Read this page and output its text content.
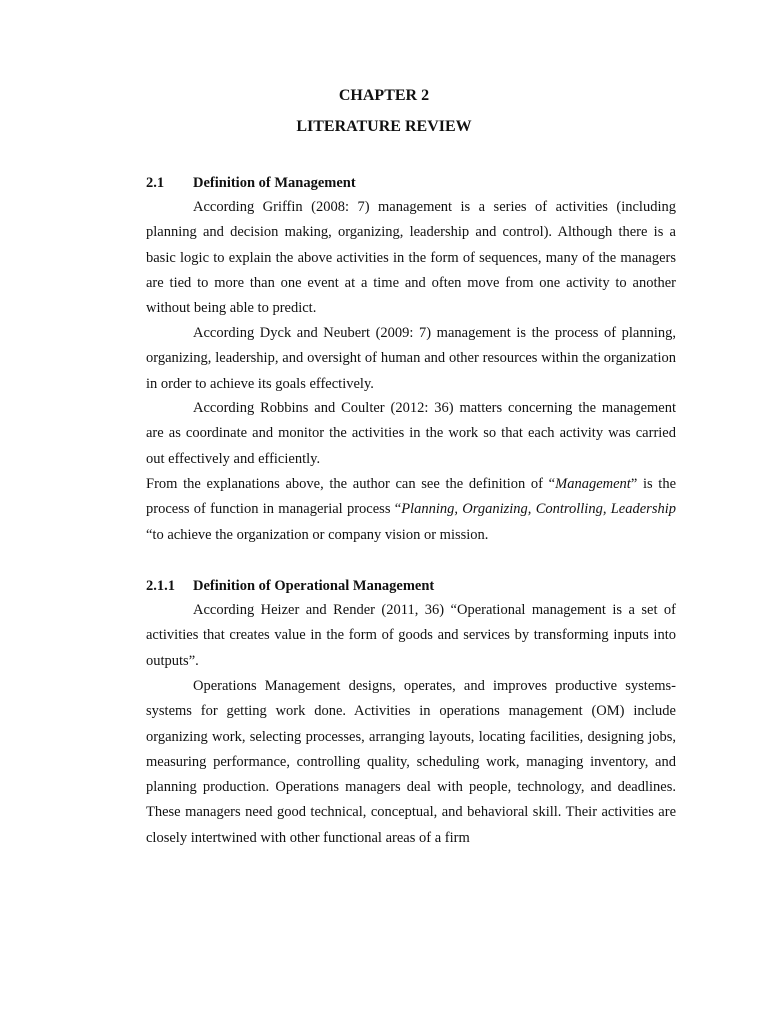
CHAPTER 2
LITERATURE REVIEW
2.1 Definition of Management

According Griffin (2008: 7) management is a series of activities (including planning and decision making, organizing, leadership and control). Although there is a basic logic to explain the above activities in the form of sequences, many of the managers are tied to more than one event at a time and often move from one activity to another without being able to predict.

According Dyck and Neubert (2009: 7) management is the process of planning, organizing, leadership, and oversight of human and other resources within the organization in order to achieve its goals effectively.

According Robbins and Coulter (2012: 36) matters concerning the management are as coordinate and monitor the activities in the work so that each activity was carried out effectively and efficiently.

From the explanations above, the author can see the definition of “Management” is the process of function in managerial process “Planning, Organizing, Controlling, Leadership “to achieve the organization or company vision or mission.

2.1.1 Definition of Operational Management

According Heizer and Render (2011, 36) “Operational management is a set of activities that creates value in the form of goods and services by transforming inputs into outputs”.

Operations Management designs, operates, and improves productive systems- systems for getting work done. Activities in operations management (OM) include organizing work, selecting processes, arranging layouts, locating facilities, designing jobs, measuring performance, controlling quality, scheduling work, managing inventory, and planning production. Operations managers deal with people, technology, and deadlines. These managers need good technical, conceptual, and behavioral skill. Their activities are closely intertwined with other functional areas of a firm
